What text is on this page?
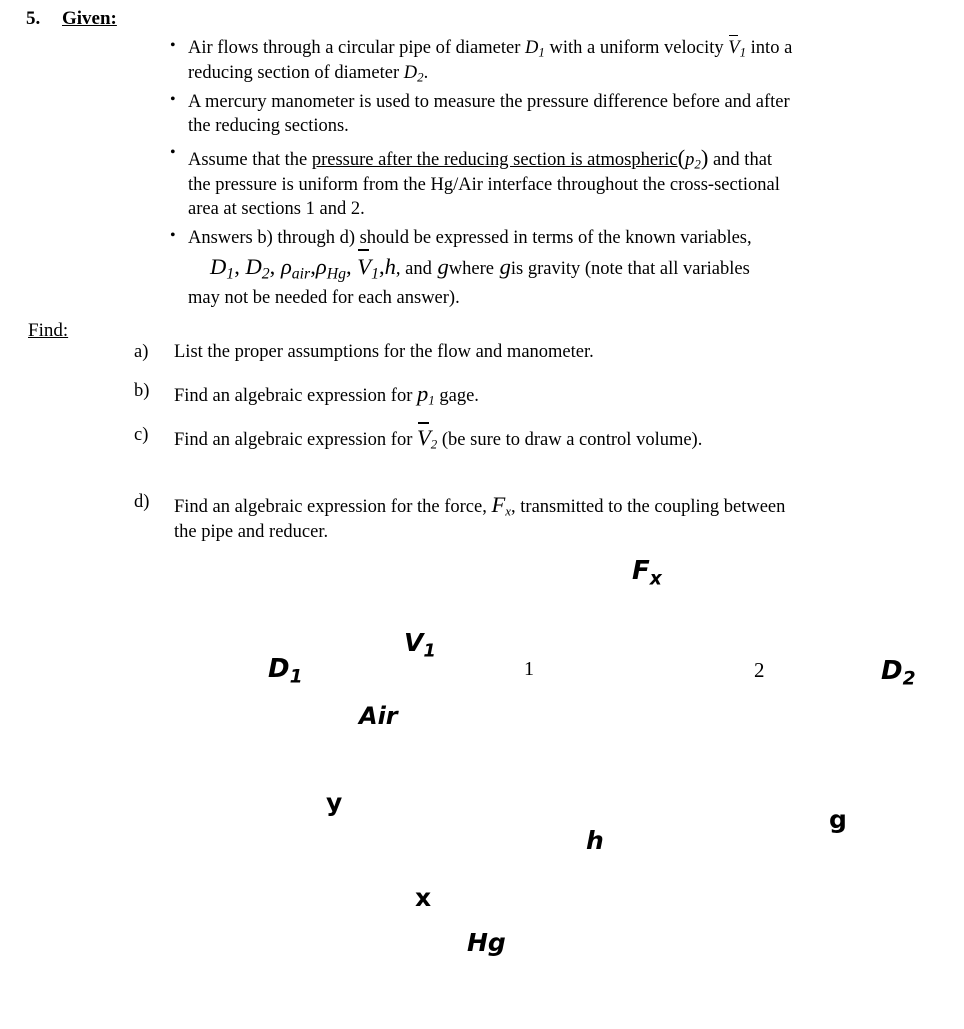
5. Given:
Find:
• Air flows through a circular pipe of diameter $D_1$ with a uniform velocity $V_1$ into a
reducing section of diameter $D_2$.
• A mercury manometer is used to measure the pressure difference before and after
the reducing sections.
• Assume that the pressure after the reducing section is $atmospheric(p_2)$ and that
the pressure is uniform from the Hg/Air interface throughout the cross-sectional
area at sections 1 and 2.
• Answers b) through d) should be expressed in terms of the known variables,
$D_1$, $D_2$, $\rho_{air},\rho_{Hg}$, $V_1,h$, and gwhere gis gravity (note that all variables
may not be needed for each answer).
a)	List the proper assumptions for the flow and manometer.
b)	Find an algebraic expression for $p_1$ gage.
c)	Find an algebraic expression for $V_2$ (be sure to draw a control volume).
d)	Find an algebraic expression for the force, $F_x$, transmitted to the coupling between
the pipe and reducer.
$D_1$	$D_2$
$V_1$
Air
$F_x$
h
g
y
x
Hg
1	2
